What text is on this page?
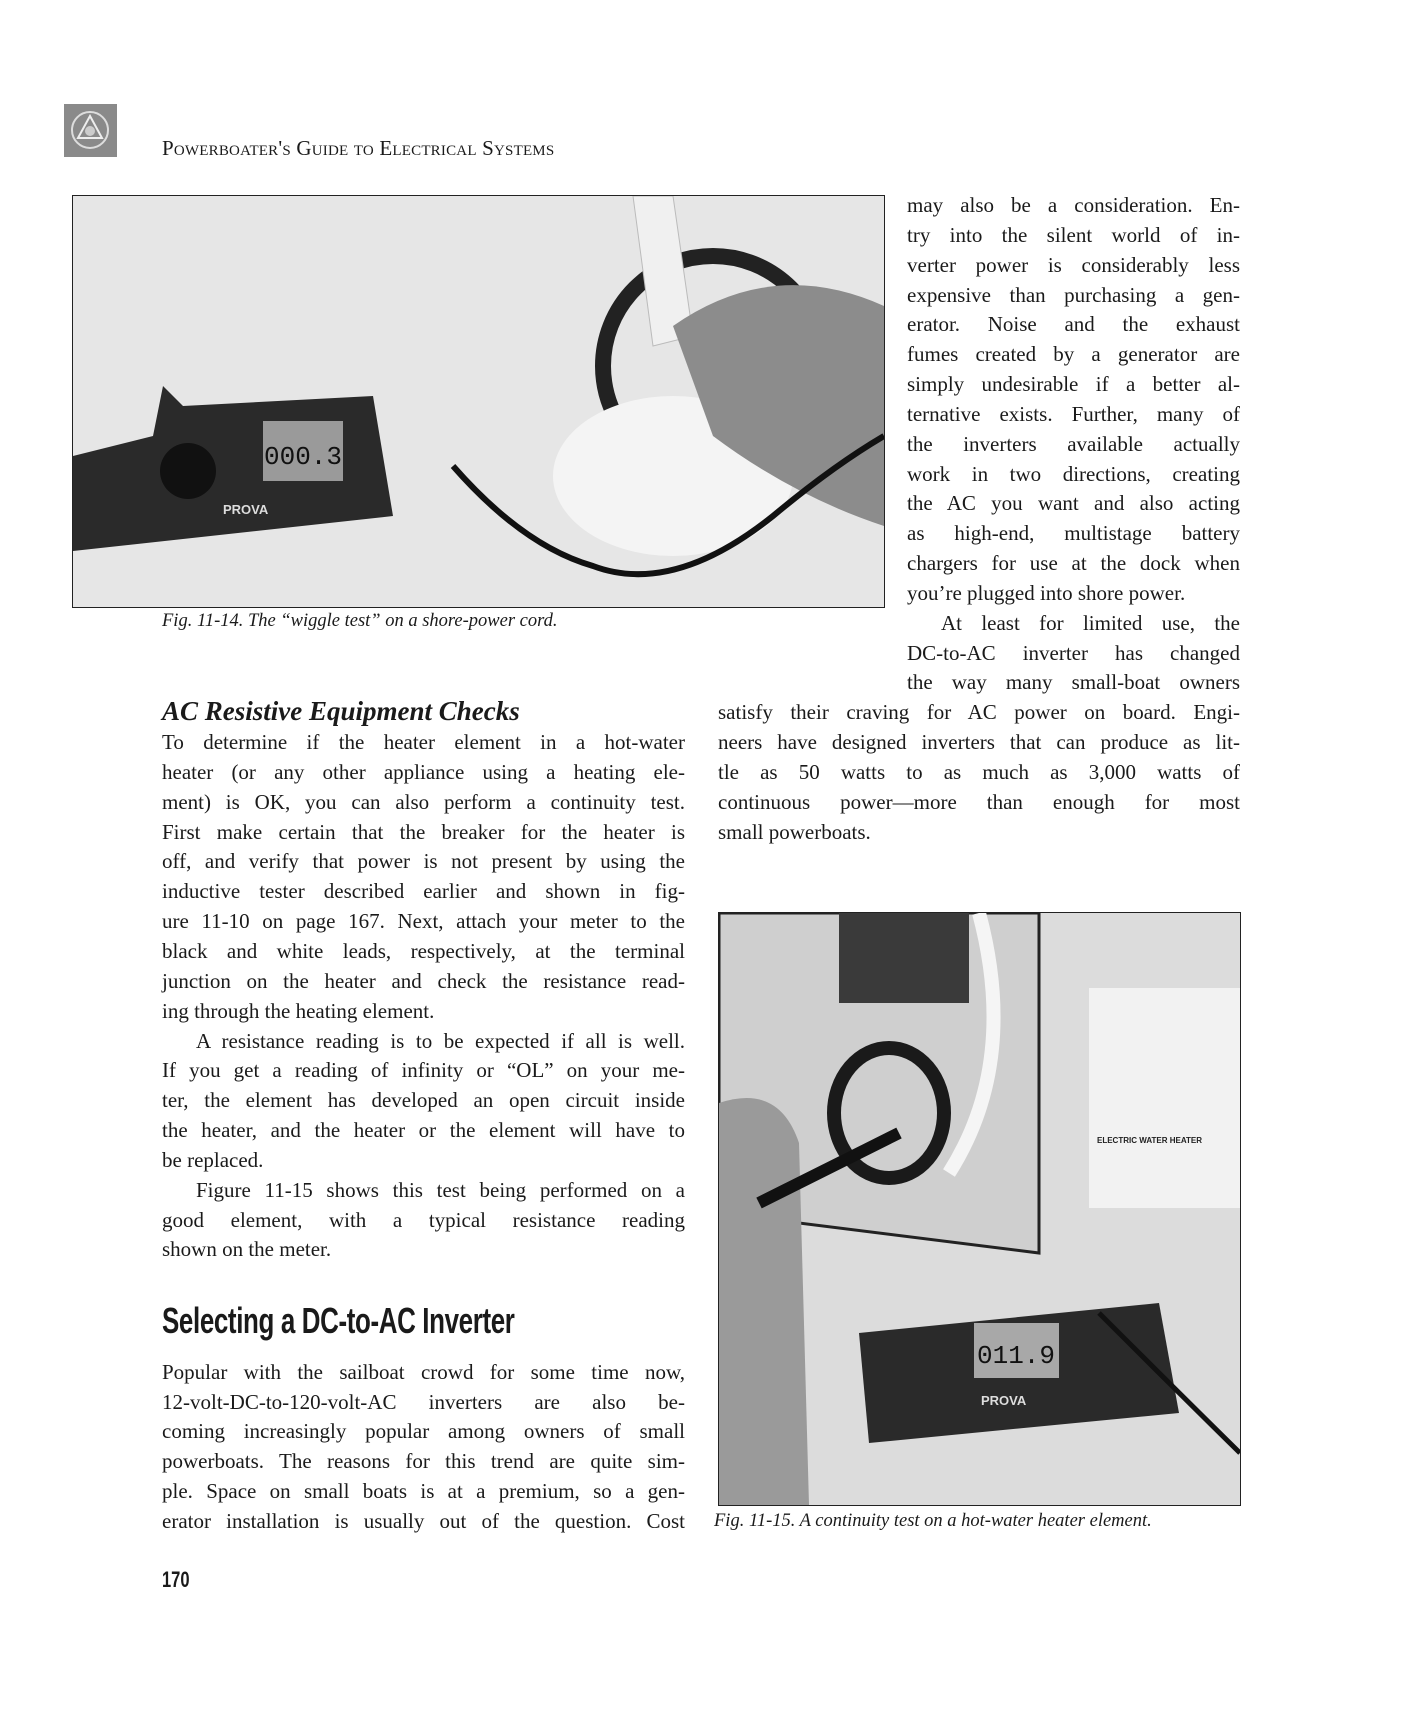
Powerboater's Guide to Electrical Systems
000.3
PROVA
Fig. 11-14. The “wiggle test” on a shore-power cord.
AC Resistive Equipment Checks
Selecting a DC-to-AC Inverter
ELECTRIC WATER HEATER
011.9
PROVA
Fig. 11-15. A continuity test on a hot-water heater element.
170
may also be a consideration. En-
try into the silent world of in-
verter power is considerably less
expensive than purchasing a gen-
erator. Noise and the exhaust
fumes created by a generator are
simply undesirable if a better al-
ternative exists. Further, many of
the inverters available actually
work in two directions, creating
the AC you want and also acting
as high-end, multistage battery
chargers for use at the dock when
you’re plugged into shore power.
At least for limited use, the
DC-to-AC inverter has changed
the way many small-boat owners
satisfy their craving for AC power on board. Engi-
neers have designed inverters that can produce as lit-
tle as 50 watts to as much as 3,000 watts of
continuous power—more than enough for most
small powerboats.
To determine if the heater element in a hot-water
heater (or any other appliance using a heating ele-
ment) is OK, you can also perform a continuity test.
First make certain that the breaker for the heater is
off, and verify that power is not present by using the
inductive tester described earlier and shown in fig-
ure 11-10 on page 167. Next, attach your meter to the
black and white leads, respectively, at the terminal
junction on the heater and check the resistance read-
ing through the heating element.
A resistance reading is to be expected if all is well.
If you get a reading of infinity or “OL” on your me-
ter, the element has developed an open circuit inside
the heater, and the heater or the element will have to
be replaced.
Figure 11-15 shows this test being performed on a
good element, with a typical resistance reading
shown on the meter.
Popular with the sailboat crowd for some time now,
12-volt-DC-to-120-volt-AC inverters are also be-
coming increasingly popular among owners of small
powerboats. The reasons for this trend are quite sim-
ple. Space on small boats is at a premium, so a gen-
erator installation is usually out of the question. Cost
